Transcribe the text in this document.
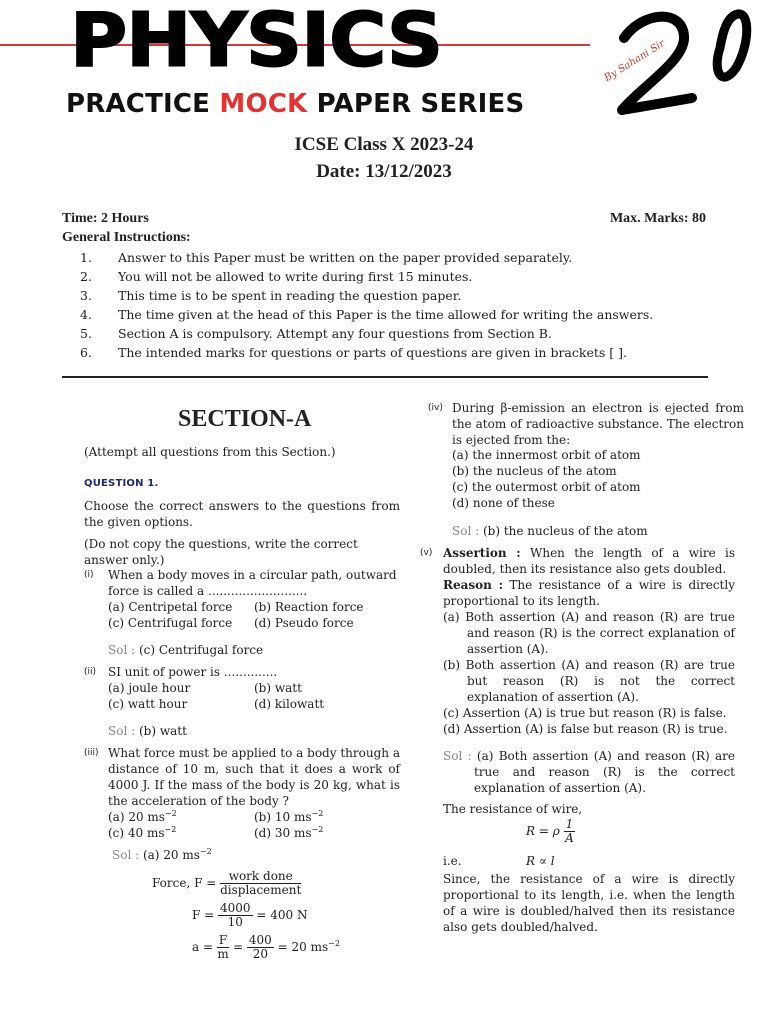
PHYSICS	By Sahani Sir
PRACTICE MOCK PAPER SERIES
ICSE Class X 2023-24
Date: 13/12/2023
Time: 2 Hours	Max. Marks: 80
General Instructions:
1. Answer to this Paper must be written on the paper provided separately.
2. You will not be allowed to write during first 15 minutes.
3. This time is to be spent in reading the question paper.
4. The time given at the head of this Paper is the time allowed for writing the answers.
5. Section A is compulsory. Attempt any four questions from Section B.
6. The intended marks for questions or parts of questions are given in brackets [ ].
SECTION-A
(Attempt all questions from this Section.)
QUESTION 1.
Choose the correct answers to the questions from the given options.
(Do not copy the questions, write the correct answer only.)
(i) When a body moves in a circular path, outward force is called a ..........................
(a) Centripetal force (b) Reaction force
(c) Centrifugal force (d) Pseudo force
Sol : (c) Centrifugal force
(ii) SI unit of power is ..............
(a) joule hour	(b) watt
(c) watt hour	(d) kilowatt
Sol : (b) watt
(iii) What force must be applied to a body through a distance of 10 m, such that it does a work of 4000 J. If the mass of the body is 20 kg, what is the acceleration of the body ?
(a) 20 $ms^{-2}$	(b) 10 $ms^{-2}$
(c) 40 $ms^{-2}$	(d) 30 $ms^{-2}$
Sol : (a) 20 $ms^{-2}$
Force, $F = \frac{\text{work done}}{\text{displacement}}$
$F = \frac{4000}{10} = 400$ N
$a = \frac{F}{m} = \frac{400}{20} = 20$ $ms^{-2}$
(iv) During β-emission an electron is ejected from the atom of radioactive substance. The electron is ejected from the:
(a) the innermost orbit of atom
(b) the nucleus of the atom
(c) the outermost orbit of atom
(d) none of these
Sol : (b) the nucleus of the atom
(v) Assertion : When the length of a wire is doubled, then its resistance also gets doubled.
Reason : The resistance of a wire is directly proportional to its length.
(a) Both assertion (A) and reason (R) are true and reason (R) is the correct explanation of assertion (A).
(b) Both assertion (A) and reason (R) are true but reason (R) is not the correct explanation of assertion (A).
(c) Assertion (A) is true but reason (R) is false.
(d) Assertion (A) is false but reason (R) is true.
Sol : (a) Both assertion (A) and reason (R) are true and reason (R) is the correct explanation of assertion (A).
The resistance of wire,
R = ρ $\frac{1}{A}$
i.e.	R ∝ l
Since, the resistance of a wire is directly proportional to its length, i.e. when the length of a wire is doubled/halved then its resistance also gets doubled/halved.
